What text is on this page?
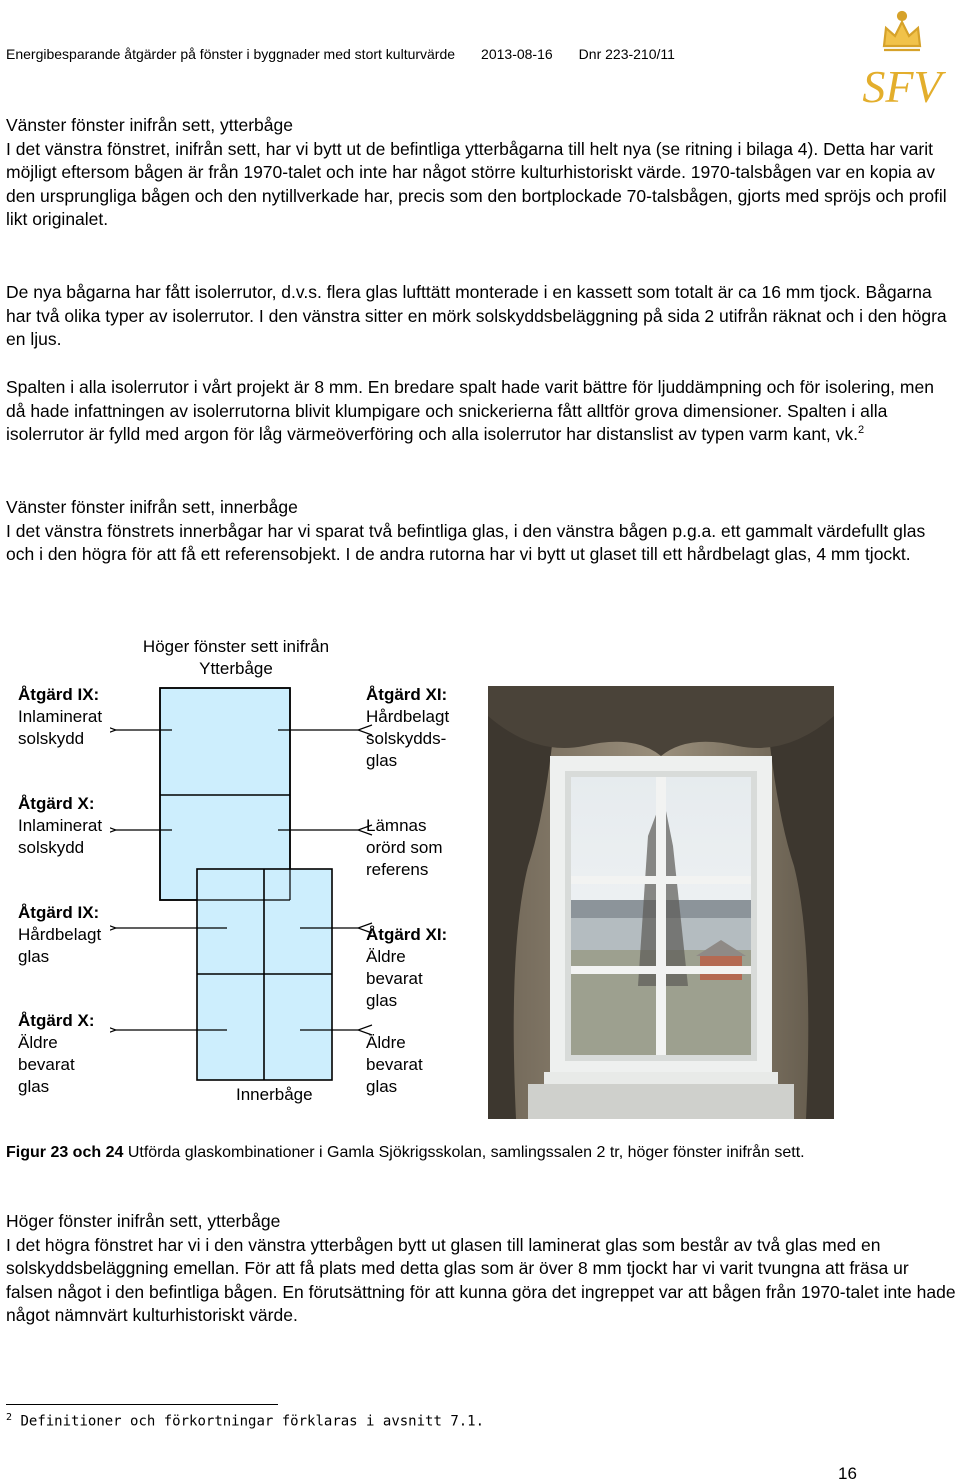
Energibesparande åtgärder på fönster i byggnader med stort kulturvärde 2013-08-16 Dnr 223-210/11
SFV

Vänster fönster inifrån sett, ytterbåge

I det vänstra fönstret, inifrån sett, har vi bytt ut de befintliga ytterbågarna till helt nya (se ritning i bilaga 4). Detta har varit möjligt eftersom bågen är från 1970-talet och inte har något större kulturhistoriskt värde. 1970-talsbågen var en kopia av den ursprungliga bågen och den nytillverkade har, precis som den bortplockade 70-talsbågen, gjorts med spröjs och profil likt originalet.

De nya bågarna har fått isolerrutor, d.v.s. flera glas lufttätt monterade i en kassett som totalt är ca 16 mm tjock. Bågarna har två olika typer av isolerrutor. I den vänstra sitter en mörk solskyddsbeläggning på sida 2 utifrån räknat och i den högra en ljus.

Spalten i alla isolerrutor i vårt projekt är 8 mm. En bredare spalt hade varit bättre för ljuddämpning och för isolering, men då hade infattningen av isolerrutorna blivit klumpigare och snickerierna fått alltför grova dimensioner. Spalten i alla isolerrutor är fylld med argon för låg värmeöverföring och alla isolerrutor har distanslist av typen varm kant, vk.$^2$

Vänster fönster inifrån sett, innerbåge

I det vänstra fönstrets innerbågar har vi sparat två befintliga glas, i den vänstra bågen p.g.a. ett gammalt värdefullt glas och i den högra för att få ett referensobjekt. I de andra rutorna har vi bytt ut glaset till ett hårdbelagt glas, 4 mm tjockt.

Höger fönster sett inifrån
Ytterbåge
Åtgärd IX:
Inlaminerat
solskydd
Åtgärd X:
Inlaminerat
solskydd
Åtgärd IX:
Hårdbelagt
glas
Åtgärd X:
Äldre
bevarat
glas
Åtgärd XI:
Hårdbelagt
solskydds-
glas
Lämnas
orörd som
referens
Åtgärd XI:
Äldre
bevarat
glas
Äldre
bevarat
glas
Innerbåge

Figur 23 och 24 Utförda glaskombinationer i Gamla Sjökrigsskolan, samlingssalen 2 tr, höger fönster inifrån sett.

Höger fönster inifrån sett, ytterbåge

I det högra fönstret har vi i den vänstra ytterbågen bytt ut glasen till laminerat glas som består av två glas med en solskyddsbeläggning emellan. För att få plats med detta glas som är över 8 mm tjockt har vi varit tvungna att fräsa ur falsen något i den befintliga bågen. En förutsättning för att kunna göra det ingreppet var att bågen från 1970-talet inte hade något nämnvärt kulturhistoriskt värde.

$^2$ Definitioner och förkortningar förklaras i avsnitt 7.1.
16
